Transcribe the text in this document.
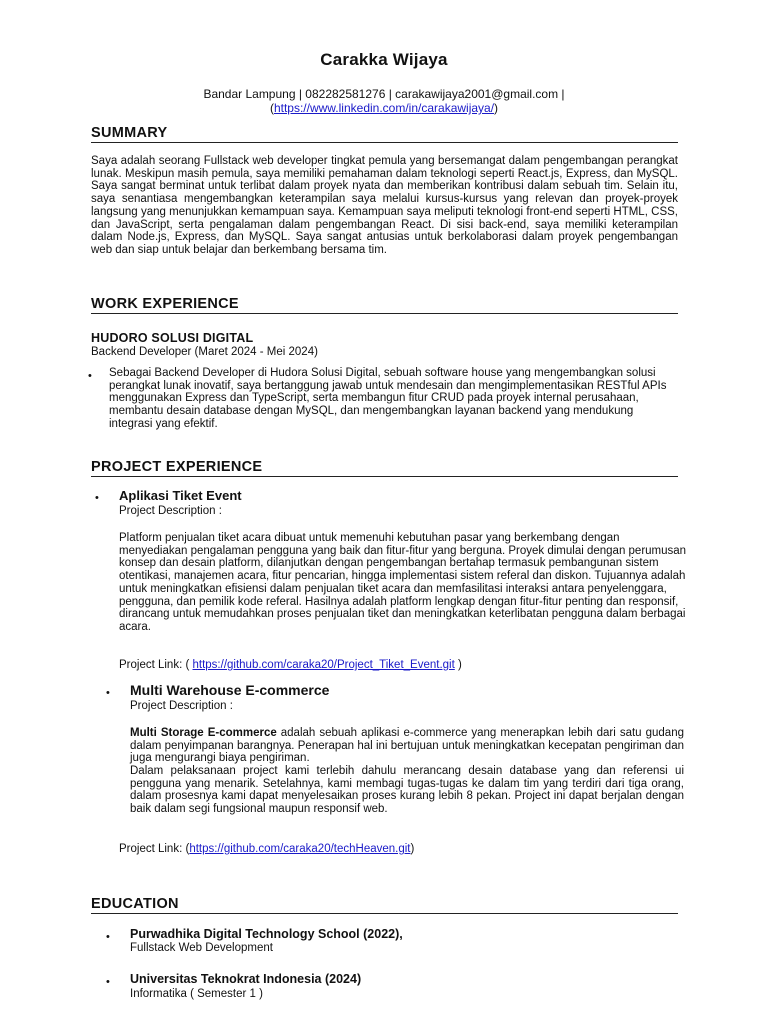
Carakka Wijaya
Bandar Lampung | 082282581276 | carakawijaya2001@gmail.com |
(https://www.linkedin.com/in/carakawijaya/)
SUMMARY
Saya adalah seorang Fullstack web developer tingkat pemula yang bersemangat dalam pengembangan perangkat lunak. Meskipun masih pemula, saya memiliki pemahaman dalam teknologi seperti React.js, Express, dan MySQL. Saya sangat berminat untuk terlibat dalam proyek nyata dan memberikan kontribusi dalam sebuah tim. Selain itu, saya senantiasa mengembangkan keterampilan saya melalui kursus-kursus yang relevan dan proyek-proyek langsung yang menunjukkan kemampuan saya. Kemampuan saya meliputi teknologi front-end seperti HTML, CSS, dan JavaScript, serta pengalaman dalam pengembangan React. Di sisi back-end, saya memiliki keterampilan dalam Node.js, Express, dan MySQL. Saya sangat antusias untuk berkolaborasi dalam proyek pengembangan web dan siap untuk belajar dan berkembang bersama tim.
WORK EXPERIENCE
HUDORO SOLUSI DIGITAL
Backend Developer (Maret 2024 - Mei 2024)
• Sebagai Backend Developer di Hudora Solusi Digital, sebuah software house yang mengembangkan solusi perangkat lunak inovatif, saya bertanggung jawab untuk mendesain dan mengimplementasikan RESTful APIs menggunakan Express dan TypeScript, serta membangun fitur CRUD pada proyek internal perusahaan, membantu desain database dengan MySQL, dan mengembangkan layanan backend yang mendukung integrasi yang efektif.
PROJECT EXPERIENCE
• Aplikasi Tiket Event
Project Description :
Platform penjualan tiket acara dibuat untuk memenuhi kebutuhan pasar yang berkembang dengan menyediakan pengalaman pengguna yang baik dan fitur-fitur yang berguna. Proyek dimulai dengan perumusan konsep dan desain platform, dilanjutkan dengan pengembangan bertahap termasuk pembangunan sistem otentikasi, manajemen acara, fitur pencarian, hingga implementasi sistem referal dan diskon. Tujuannya adalah untuk meningkatkan efisiensi dalam penjualan tiket acara dan memfasilitasi interaksi antara penyelenggara, pengguna, dan pemilik kode referal. Hasilnya adalah platform lengkap dengan fitur-fitur penting dan responsif, dirancang untuk memudahkan proses penjualan tiket dan meningkatkan keterlibatan pengguna dalam berbagai acara.
Project Link: ( https://github.com/caraka20/Project_Tiket_Event.git )
• Multi Warehouse E-commerce
Project Description :
Multi Storage E-commerce adalah sebuah aplikasi e-commerce yang menerapkan lebih dari satu gudang dalam penyimpanan barangnya. Penerapan hal ini bertujuan untuk meningkatkan kecepatan pengiriman dan juga mengurangi biaya pengiriman.
Dalam pelaksanaan project kami terlebih dahulu merancang desain database yang dan referensi ui pengguna yang menarik. Setelahnya, kami membagi tugas-tugas ke dalam tim yang terdiri dari tiga orang, dalam prosesnya kami dapat menyelesaikan proses kurang lebih 8 pekan. Project ini dapat berjalan dengan baik dalam segi fungsional maupun responsif web.
Project Link: (https://github.com/caraka20/techHeaven.git)
EDUCATION
• Purwadhika Digital Technology School (2022),
Fullstack Web Development
• Universitas Teknokrat Indonesia (2024)
Informatika ( Semester 1 )
